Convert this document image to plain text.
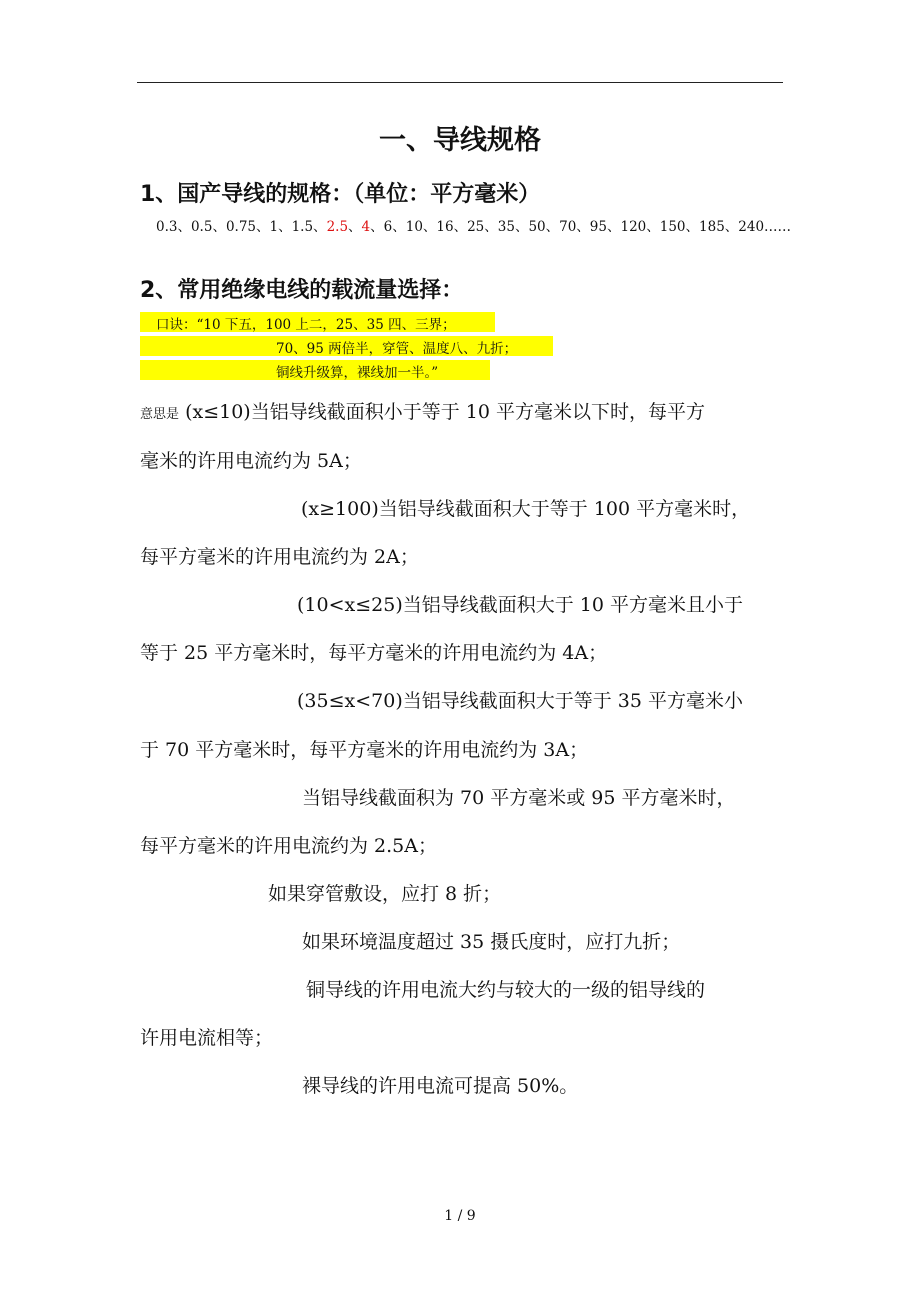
一、导线规格
1、国产导线的规格：（单位：平方毫米）
0.3、0.5、0.75、1、1.5、2.5、4、6、10、16、25、35、50、70、95、120、150、185、240……
2、常用绝缘电线的载流量选择：
口诀：“10 下五，100 上二，25、35 四、三界；
70、95 两倍半，穿管、温度八、九折；
铜线升级算，裸线加一半。”
意思是 (x≤10)当铝导线截面积小于等于 10 平方毫米以下时，每平方
毫米的许用电流约为 5A；
(x≥100)当铝导线截面积大于等于 100 平方毫米时，
每平方毫米的许用电流约为 2A；
(10<x≤25)当铝导线截面积大于 10 平方毫米且小于
等于 25 平方毫米时，每平方毫米的许用电流约为 4A；
(35≤x<70)当铝导线截面积大于等于 35 平方毫米小
于 70 平方毫米时，每平方毫米的许用电流约为 3A；
当铝导线截面积为 70 平方毫米或 95 平方毫米时，
每平方毫米的许用电流约为 2.5A；
如果穿管敷设，应打 8 折；
如果环境温度超过 35 摄氏度时，应打九折；
铜导线的许用电流大约与较大的一级的铝导线的
许用电流相等；
裸导线的许用电流可提高 50%。
1 / 9
